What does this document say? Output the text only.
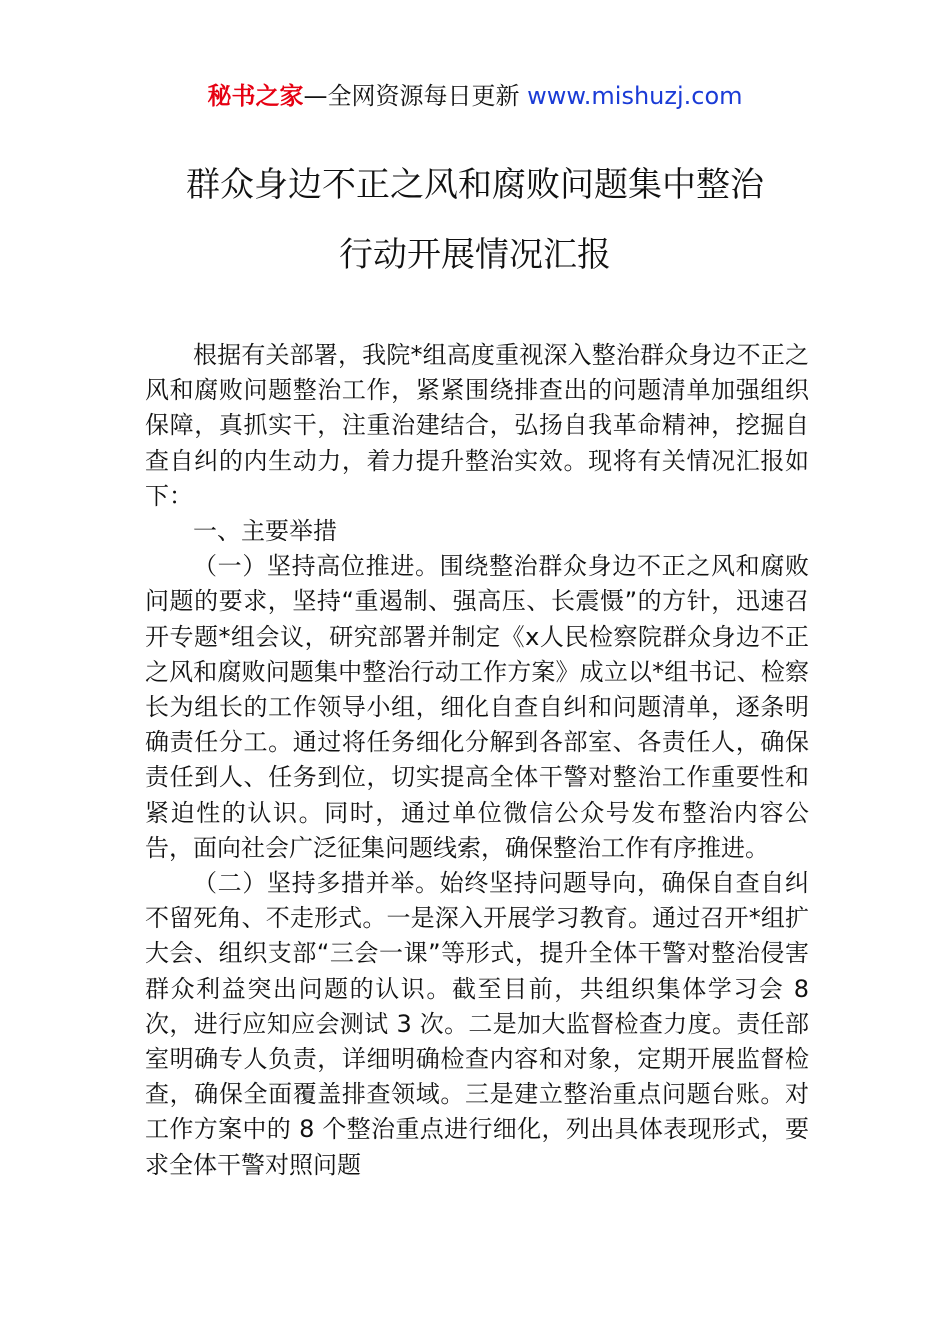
秘书之家—全网资源每日更新 www.mishuzj.com
群众身边不正之风和腐败问题集中整治
行动开展情况汇报

根据有关部署，我院*组高度重视深入整治群众身边不正之风和腐败问题整治工作，紧紧围绕排查出的问题清单加强组织保障，真抓实干，注重治建结合，弘扬自我革命精神，挖掘自查自纠的内生动力，着力提升整治实效。现将有关情况汇报如下：

一、主要举措

（一）坚持高位推进。围绕整治群众身边不正之风和腐败问题的要求，坚持“重遏制、强高压、长震慑”的方针，迅速召开专题*组会议，研究部署并制定《x人民检察院群众身边不正之风和腐败问题集中整治行动工作方案》成立以*组书记、检察长为组长的工作领导小组，细化自查自纠和问题清单，逐条明确责任分工。通过将任务细化分解到各部室、各责任人，确保责任到人、任务到位，切实提高全体干警对整治工作重要性和紧迫性的认识。同时，通过单位微信公众号发布整治内容公告，面向社会广泛征集问题线索，确保整治工作有序推进。

（二）坚持多措并举。始终坚持问题导向，确保自查自纠不留死角、不走形式。一是深入开展学习教育。通过召开*组扩大会、组织支部“三会一课”等形式，提升全体干警对整治侵害群众利益突出问题的认识。截至目前，共组织集体学习会 8 次，进行应知应会测试 3 次。二是加大监督检查力度。责任部室明确专人负责，详细明确检查内容和对象，定期开展监督检查，确保全面覆盖排查领域。三是建立整治重点问题台账。对工作方案中的 8 个整治重点进行细化，列出具体表现形式，要求全体干警对照问题
